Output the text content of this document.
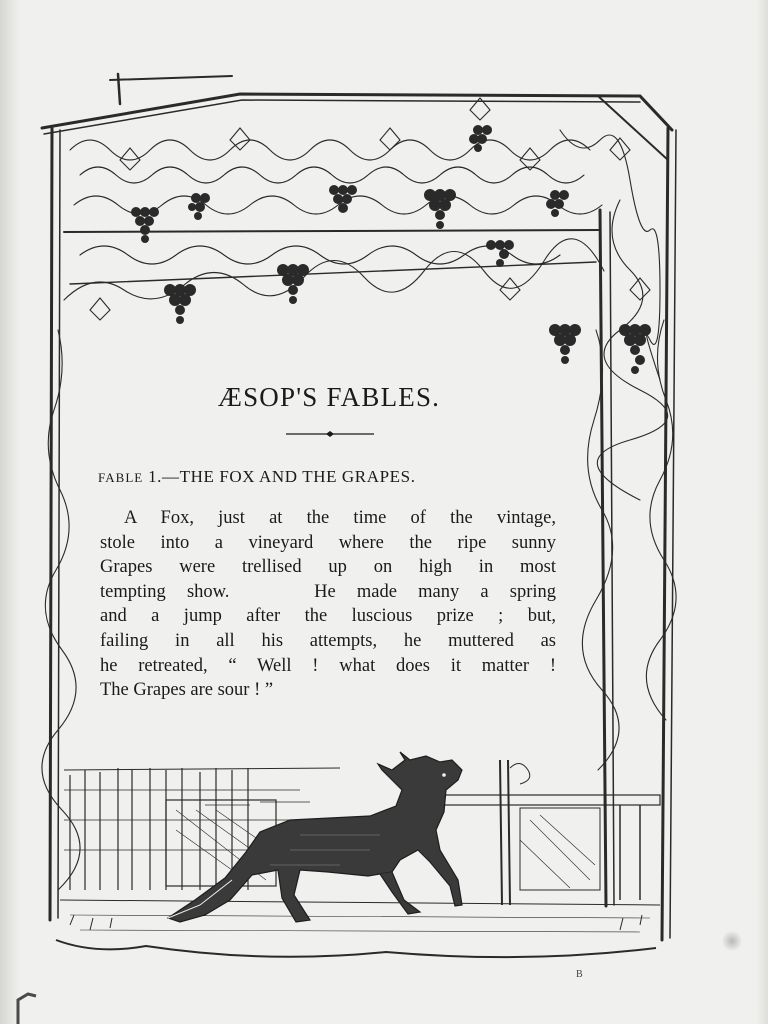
ÆSOP'S FABLES.
FABLE 1.—THE FOX AND THE GRAPES.
A Fox, just at the time of the vintage,
stole into a vineyard where the ripe sunny
Grapes were trellised up on high in most
tempting show.    He made many a spring
and a jump after the luscious prize ; but,
failing in all his attempts, he muttered as
he retreated, “ Well ! what does it matter !
The Grapes are sour ! ”
B
